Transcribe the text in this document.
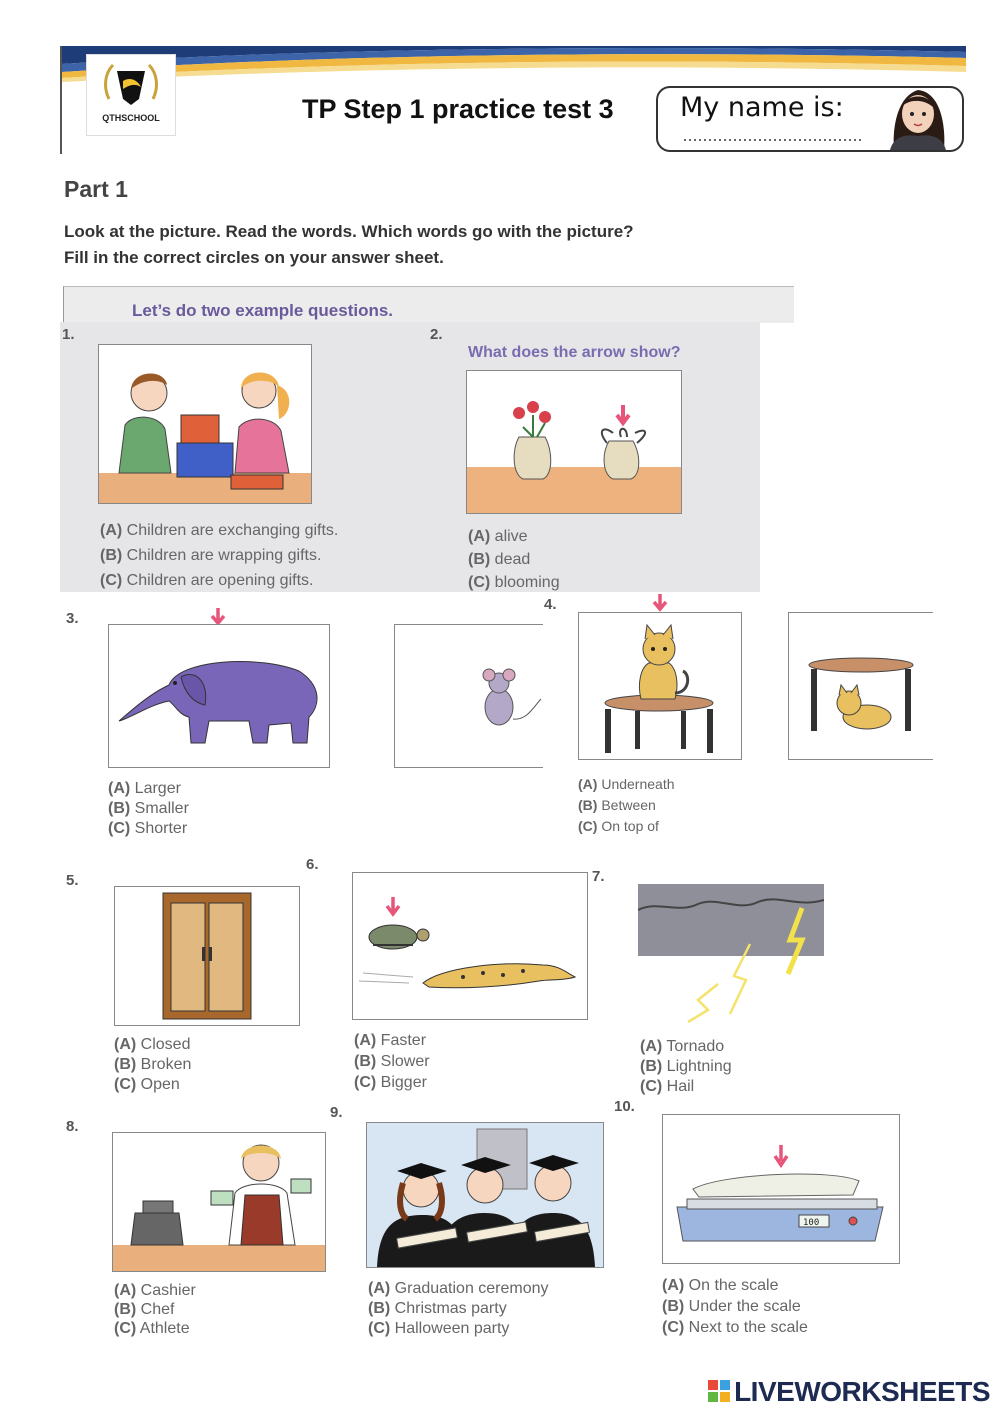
QTHSCHOOL	TP Step 1 practice test 3 My name is:
Part 1
Look at the picture. Read the words. Which words go with the picture?
Fill in the correct circles on your answer sheet.
Let’s do two example questions.
1.
(A) Children are exchanging gifts.
(B) Children are wrapping gifts.
(C) Children are opening gifts.
2.
What does the arrow show?
(A) alive
(B) dead
(C) blooming
3.
(A) Larger
(B) Smaller
(C) Shorter
4.
(A) Underneath
(B) Between
(C) On top of
5.
(A) Closed
(B) Broken
(C) Open
6.
(A) Faster
(B) Slower
(C) Bigger
7.
(A) Tornado
(B) Lightning
(C) Hail
8.
(A) Cashier
(B) Chef
(C) Athlete
9.
(A) Graduation ceremony
(B) Christmas party
(C) Halloween party
10.
100
(A) On the scale
(B) Under the scale
(C) Next to the scale
LIVEWORKSHEETS
